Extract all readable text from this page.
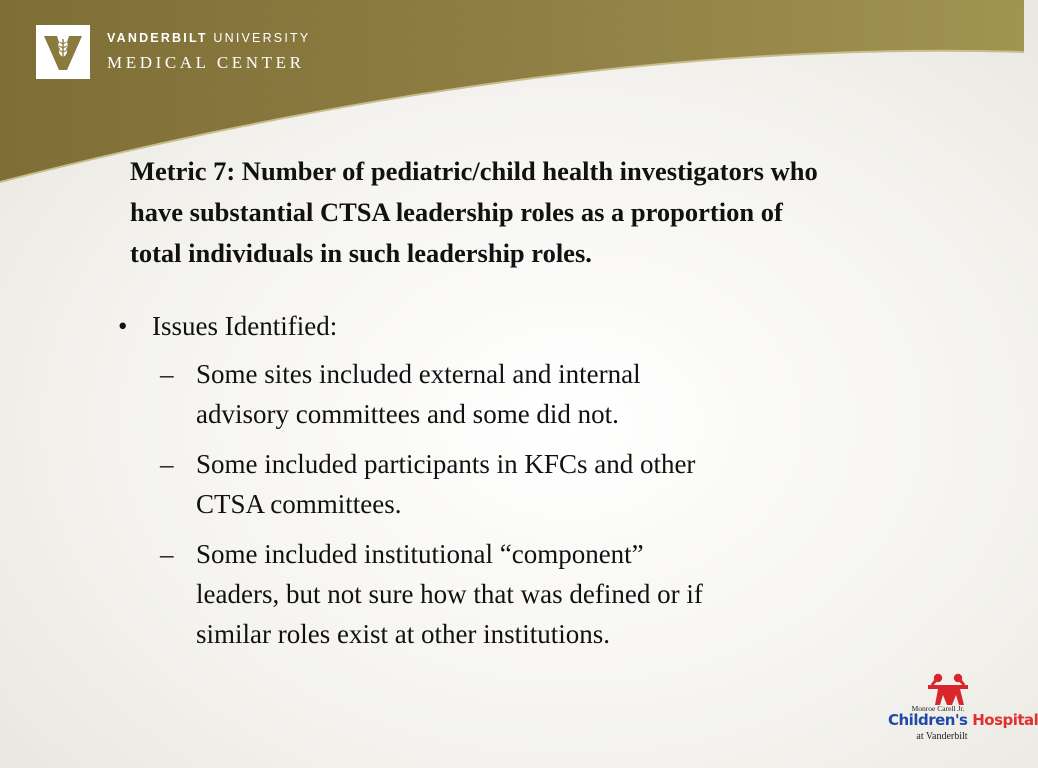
VANDERBILT UNIVERSITY
MEDICAL CENTER
Metric 7: Number of pediatric/child health investigators who
have substantial CTSA leadership roles as a proportion of
total individuals in such leadership roles.
• Issues Identified:
– Some sites included external and internal
advisory committees and some did not.
– Some included participants in KFCs and other
CTSA committees.
– Some included institutional “component”
leaders, but not sure how that was defined or if
similar roles exist at other institutions.
Monroe Carell Jr.
Children's Hospital
at Vanderbilt
